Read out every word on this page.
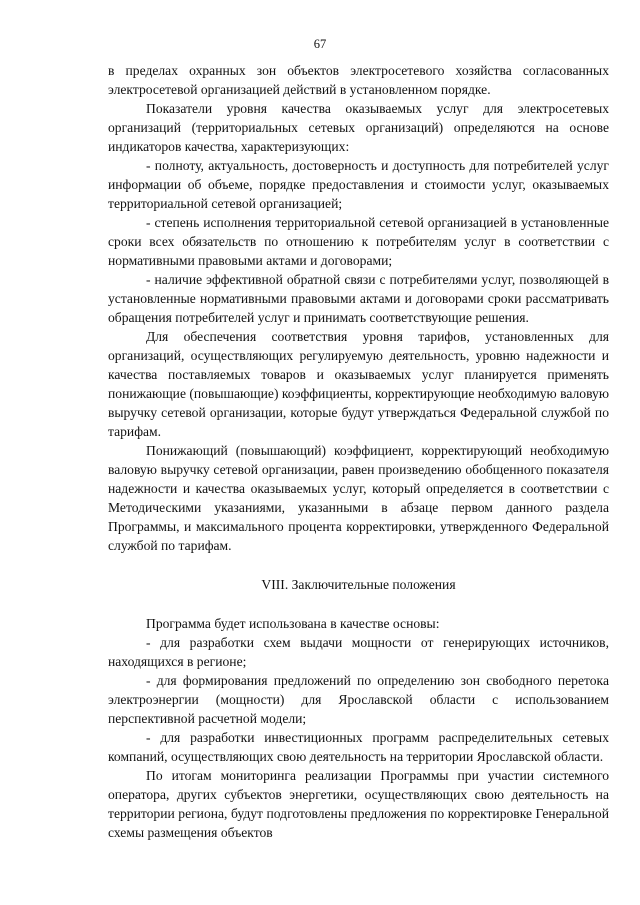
67

в пределах охранных зон объектов электросетевого хозяйства согласованных электросетевой организацией действий в установленном порядке.

Показатели уровня качества оказываемых услуг для электросетевых организаций (территориальных сетевых организаций) определяются на основе индикаторов качества, характеризующих:

- полноту, актуальность, достоверность и доступность для потребителей услуг информации об объеме, порядке предоставления и стоимости услуг, оказываемых территориальной сетевой организацией;

- степень исполнения территориальной сетевой организацией в установленные сроки всех обязательств по отношению к потребителям услуг в соответствии с нормативными правовыми актами и договорами;

- наличие эффективной обратной связи с потребителями услуг, позволяющей в установленные нормативными правовыми актами и договорами сроки рассматривать обращения потребителей услуг и принимать соответствующие решения.

Для обеспечения соответствия уровня тарифов, установленных для организаций, осуществляющих регулируемую деятельность, уровню надежности и качества поставляемых товаров и оказываемых услуг планируется применять понижающие (повышающие) коэффициенты, корректирующие необходимую валовую выручку сетевой организации, которые будут утверждаться Федеральной службой по тарифам.

Понижающий (повышающий) коэффициент, корректирующий необходимую валовую выручку сетевой организации, равен произведению обобщенного показателя надежности и качества оказываемых услуг, который определяется в соответствии с Методическими указаниями, указанными в абзаце первом данного раздела Программы, и максимального процента корректировки, утвержденного Федеральной службой по тарифам.

VIII. Заключительные положения

Программа будет использована в качестве основы:

- для разработки схем выдачи мощности от генерирующих источников, находящихся в регионе;

- для формирования предложений по определению зон свободного перетока электроэнергии (мощности) для Ярославской области с использованием перспективной расчетной модели;

- для разработки инвестиционных программ распределительных сетевых компаний, осуществляющих свою деятельность на территории Ярославской области.

По итогам мониторинга реализации Программы при участии системного оператора, других субъектов энергетики, осуществляющих свою деятельность на территории региона, будут подготовлены предложения по корректировке Генеральной схемы размещения объектов
